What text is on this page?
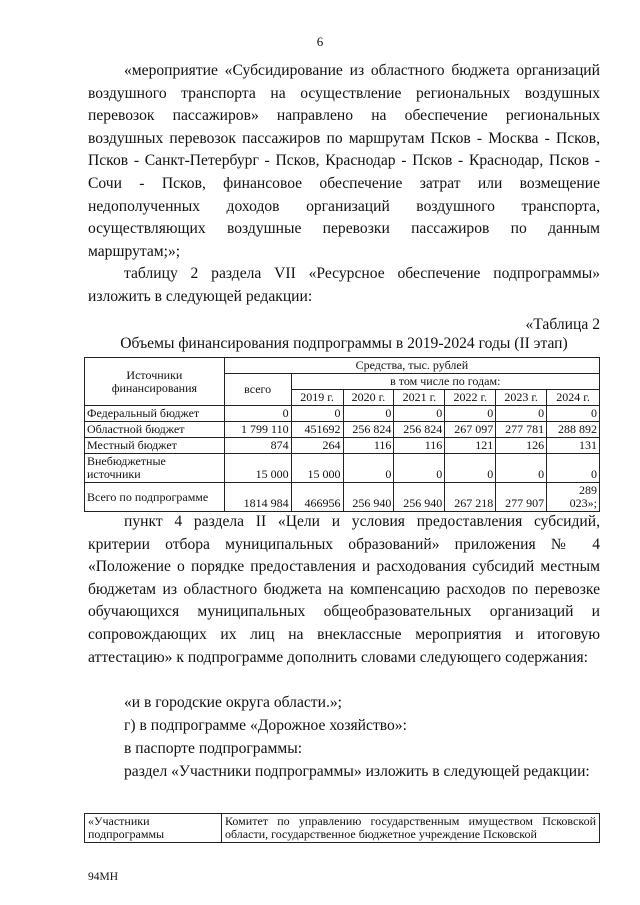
6

«мероприятие «Субсидирование из областного бюджета организаций воздушного транспорта на осуществление региональных воздушных перевозок пассажиров» направлено на обеспечение региональных воздушных перевозок пассажиров по маршрутам Псков - Москва - Псков, Псков - Санкт-Петербург - Псков, Краснодар - Псков - Краснодар, Псков - Сочи - Псков, финансовое обеспечение затрат или возмещение недополученных доходов организаций воздушного транспорта, осуществляющих воздушные перевозки пассажиров по данным маршрутам;»;

таблицу 2 раздела VII «Ресурсное обеспечение подпрограммы» изложить в следующей редакции:

«Таблица 2
Объемы финансирования подпрограммы в 2019-2024 годы (II этап)
Источники финансирования	Средства, тыс. рублей						
	всего	в том числе по годам:					
		2019 г.	2020 г.	2021 г.	2022 г.	2023 г.	2024 г.
Федеральный бюджет	0	0	0	0	0	0	0
Областной бюджет	1 799 110	451692	256 824	256 824	267 097	277 781	288 892
Местный бюджет	874	264	116	116	121	126	131
Внебюджетные источники	15 000	15 000	0	0	0	0	0
Всего по подпрограмме	1814 984	466956	256 940	256 940	267 218	277 907	289 023»;

пункт 4 раздела II «Цели и условия предоставления субсидий, критерии отбора муниципальных образований» приложения № 4 «Положение о порядке предоставления и расходования субсидий местным бюджетам из областного бюджета на компенсацию расходов по перевозке обучающихся муниципальных общеобразовательных организаций и сопровождающих их лиц на внеклассные мероприятия и итоговую аттестацию» к подпрограмме дополнить словами следующего содержания:

«и в городские округа области.»;

г) в подпрограмме «Дорожное хозяйство»:

в паспорте подпрограммы:

раздел «Участники подпрограммы» изложить в следующей редакции:

«Участники подпрограммы	Комитет по управлению государственным имуществом Псковской области, государственное бюджетное учреждение Псковской
94МН
